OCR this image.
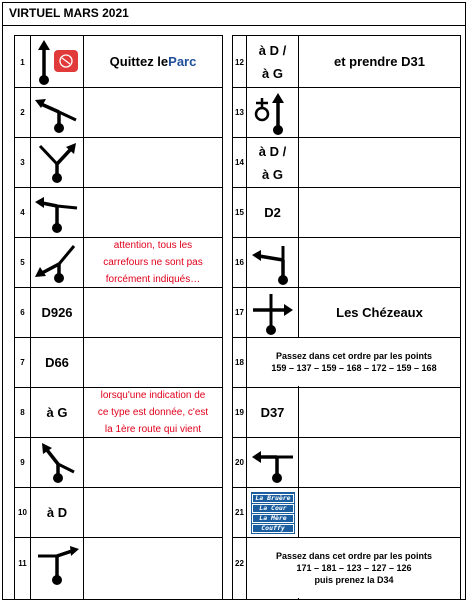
VIRTUEL MARS 2021
1
2
3
4
5
6
7
8
9
10
11
12
13
14
15
16
17
18
19
20
21
22
Quittez le Parc
attention, tous les
carrefours ne sont pas
forcément indiqués…
D926
D66
à G
lorsqu'une indication de
ce type est donnée, c'est
la 1ère route qui vient
à D
à D /
à G
et prendre D31
à D /
à G
D2
Les Chézeaux
Passez dans cet ordre par les points
159 – 137 – 159 – 168 – 172 – 159 – 168
D37
La Bruère
La Cour
La Mère
Couffy
Passez dans cet ordre par les points
171 – 181 – 123 – 127 – 126
puis prenez la D34
